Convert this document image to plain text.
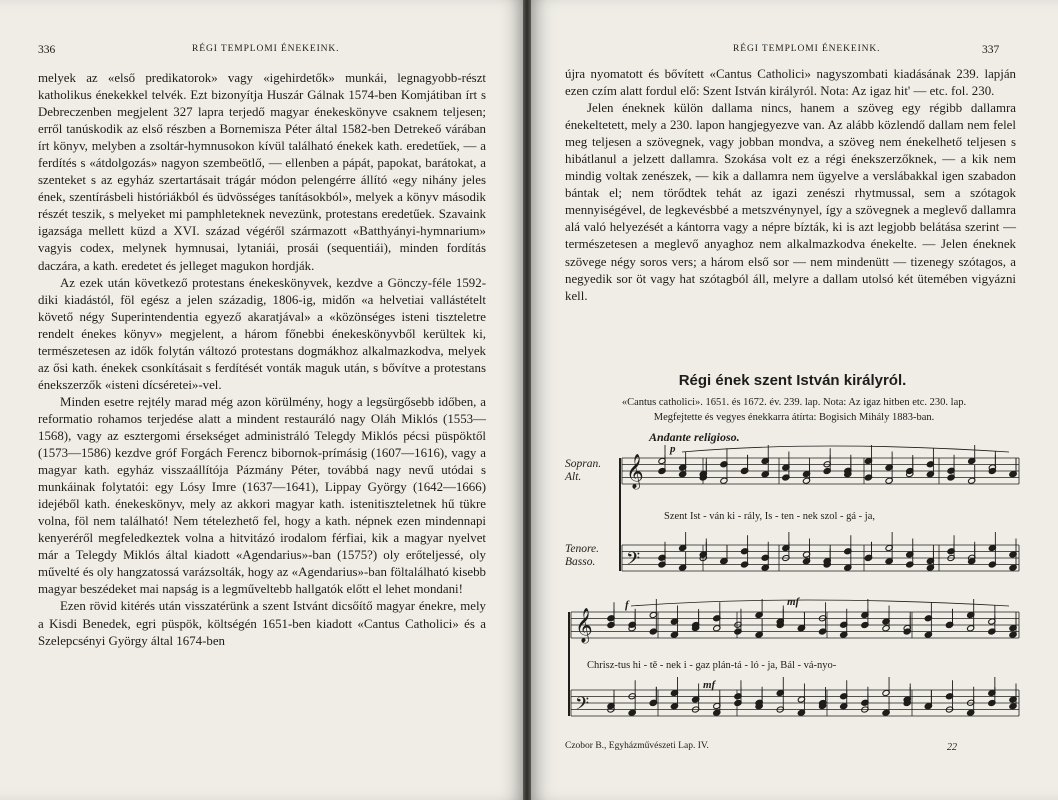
336	RÉGI TEMPLOMI ÉNEKEINK.

melyek az «első predikatorok» vagy «igehirdetők» munkái, legnagyobb-részt katholikus énekekkel telvék. Ezt bizonyítja Huszár Gálnak 1574-ben Komjátiban írt s Debreczenben megjelent 327 lapra terjedő magyar énekeskönyve csaknem teljesen; erről tanúskodik az első részben a Bornemisza Péter által 1582-ben Detrekeő várában írt könyv, melyben a zsoltár-hymnusokon kívül található énekek kath. eredetűek, — a ferdítés s «átdolgozás» nagyon szembeötlő, — ellenben a pápát, papokat, barátokat, a szenteket s az egyház szertartásait trágár módon pelengérre állító «egy nihány jeles ének, szentírásbeli históriákból és üdvösséges tanításokból», melyek a könyv második részét teszik, s melyeket mi pamphleteknek nevezünk, protestans eredetűek. Szavaink igazsága mellett küzd a XVI. század végéről származott «Batthyányi-hymnarium» vagyis codex, melynek hymnusai, lytaniái, prosái (sequentiái), minden fordítás daczára, a kath. eredetet és jelleget magukon hordják.

Az ezek után következő protestans énekeskönyvek, kezdve a Gönczy-féle 1592-diki kiadástól, föl egész a jelen századig, 1806-ig, midőn «a helvetiai vallástételt követő négy Superintendentia egyező akaratjával» a «közönséges isteni tiszteletre rendelt énekes könyv» megjelent, a három főnebbi énekeskönyvből kerültek ki, természetesen az idők folytán változó protestans dogmákhoz alkalmazkodva, melyek az ősi kath. énekek csonkításait s ferdítését vonták maguk után, s bővítve a protestans énekszerzők «isteni dícséretei»-vel.

Minden esetre rejtély marad még azon körülmény, hogy a legsürgősebb időben, a reformatio rohamos terjedése alatt a mindent restauráló nagy Oláh Miklós (1553—1568), vagy az esztergomi érsekséget administráló Telegdy Miklós pécsi püspöktől (1573—1586) kezdve gróf Forgách Ferencz bibornok-prímásig (1607—1616), vagy a magyar kath. egyház visszaállítója Pázmány Péter, továbbá nagy nevű utódai s munkáinak folytatói: egy Lósy Imre (1637—1641), Lippay György (1642—1666) idejéből kath. énekeskönyv, mely az akkori magyar kath. istenitiszteletnek hű tükre volna, föl nem található! Nem tételezhető fel, hogy a kath. népnek ezen mindennapi kenyeréről megfeledkeztek volna a hitvitázó irodalom férfiai, kik a magyar nyelvet már a Telegdy Miklós által kiadott «Agendarius»-ban (1575?) oly erőteljessé, oly művelté és oly hangzatossá varázsolták, hogy az «Agendarius»-ban föltalálható kisebb magyar beszédeket mai napság is a legműveltebb hallgatók előtt el lehet mondani!

Ezen rövid kitérés után visszatérünk a szent Istvánt dicsőítő magyar énekre, mely a Kisdi Benedek, egri püspök, költségén 1651-ben kiadott «Cantus Catholici» és a Szelepcsényi György által 1674-ben

RÉGI TEMPLOMI ÉNEKEINK.	337

újra nyomatott és bővített «Cantus Catholici» nagyszombati kiadásának 239. lapján ezen czím alatt fordul elő: Szent István királyról. Nota: Az igaz hit' — etc. fol. 230.

Jelen éneknek külön dallama nincs, hanem a szöveg egy régibb dallamra énekeltetett, mely a 230. lapon hangjegyezve van. Az alább közlendő dallam nem felel meg teljesen a szövegnek, vagy jobban mondva, a szöveg nem énekelhető teljesen s hibátlanul a jelzett dallamra. Szokása volt ez a régi énekszerzőknek, — a kik nem mindig voltak zenészek, — kik a dallamra nem ügyelve a verslábakkal igen szabadon bántak el; nem törődtek tehát az igazi zenészi rhytmussal, sem a szótagok mennyiségével, de legkevésbbé a metszvénynyel, így a szövegnek a meglevő dallamra alá való helyezését a kántorra vagy a népre bízták, ki is azt legjobb belátása szerint — természetesen a meglevő anyaghoz nem alkalmazkodva énekelte. — Jelen éneknek szövege négy soros vers; a három első sor — nem mindenütt — tizenegy szótagos, a negyedik sor öt vagy hat szótagból áll, melyre a dallam utolsó két ütemében vigyázni kell.

Régi ének szent István királyról.
«Cantus catholici». 1651. és 1672. év. 239. lap. Nota: Az igaz hitben etc. 230. lap.
Megfejtette és vegyes énekkarra átírta: Bogisich Mihály 1883-ban.
Andante religioso.
Sopran.
Alt.
Tenore.
Basso.
𝄞
𝄢
𝄞
𝄢
p
mf
f
mf
Szent Ist - ván ki - rály, Is - ten - nek szol - gá - ja,
Chrisz-tus hi - tě - nek i - gaz plán-tá - ló - ja, Bál - vá-nyo-
Czobor B., Egyházművészeti Lap. IV.	22
